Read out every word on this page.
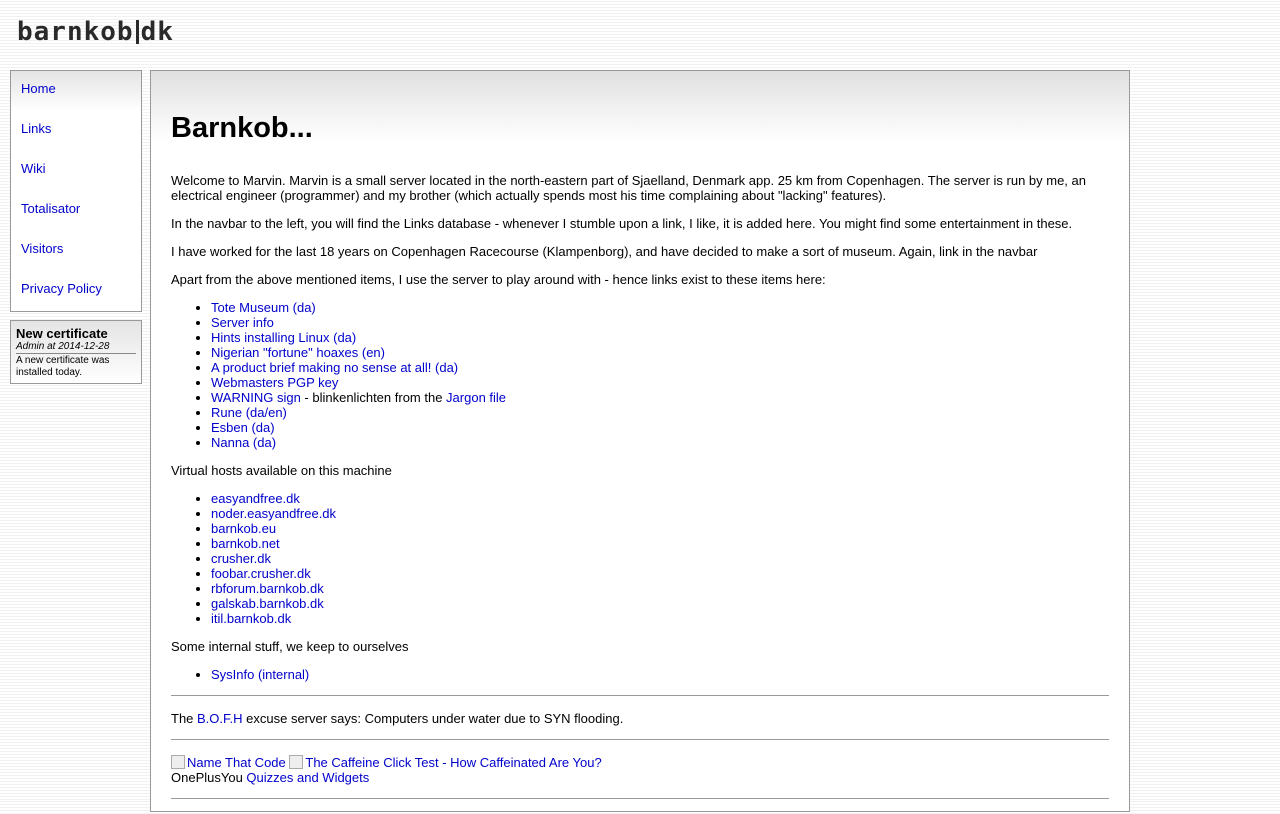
barnkob dk
Home
Links
Wiki
Totalisator
Visitors
Privacy Policy
New certificate
Admin at 2014-12-28
A new certificate was installed today.
Barnkob...

Welcome to Marvin. Marvin is a small server located in the north-eastern part of Sjaelland, Denmark app. 25 km from Copenhagen. The server is run by me, an electrical engineer (programmer) and my brother (which actually spends most his time complaining about "lacking" features).

In the navbar to the left, you will find the Links database - whenever I stumble upon a link, I like, it is added here. You might find some entertainment in these.

I have worked for the last 18 years on Copenhagen Racecourse (Klampenborg), and have decided to make a sort of museum. Again, link in the navbar

Apart from the above mentioned items, I use the server to play around with - hence links exist to these items here:

• Tote Museum (da)
• Server info
• Hints installing Linux (da)
• Nigerian "fortune" hoaxes (en)
• A product brief making no sense at all! (da)
• Webmasters PGP key
• WARNING sign - blinkenlichten from the Jargon file
• Rune (da/en)
• Esben (da)
• Nanna (da)

Virtual hosts available on this machine

• easyandfree.dk
• noder.easyandfree.dk
• barnkob.eu
• barnkob.net
• crusher.dk
• foobar.crusher.dk
• rbforum.barnkob.dk
• galskab.barnkob.dk
• itil.barnkob.dk

Some internal stuff, we keep to ourselves

• SysInfo (internal)

The B.O.F.H excuse server says: Computers under water due to SYN flooding.

Name That Code The Caffeine Click Test - How Caffeinated Are You?
OnePlusYou Quizzes and Widgets
